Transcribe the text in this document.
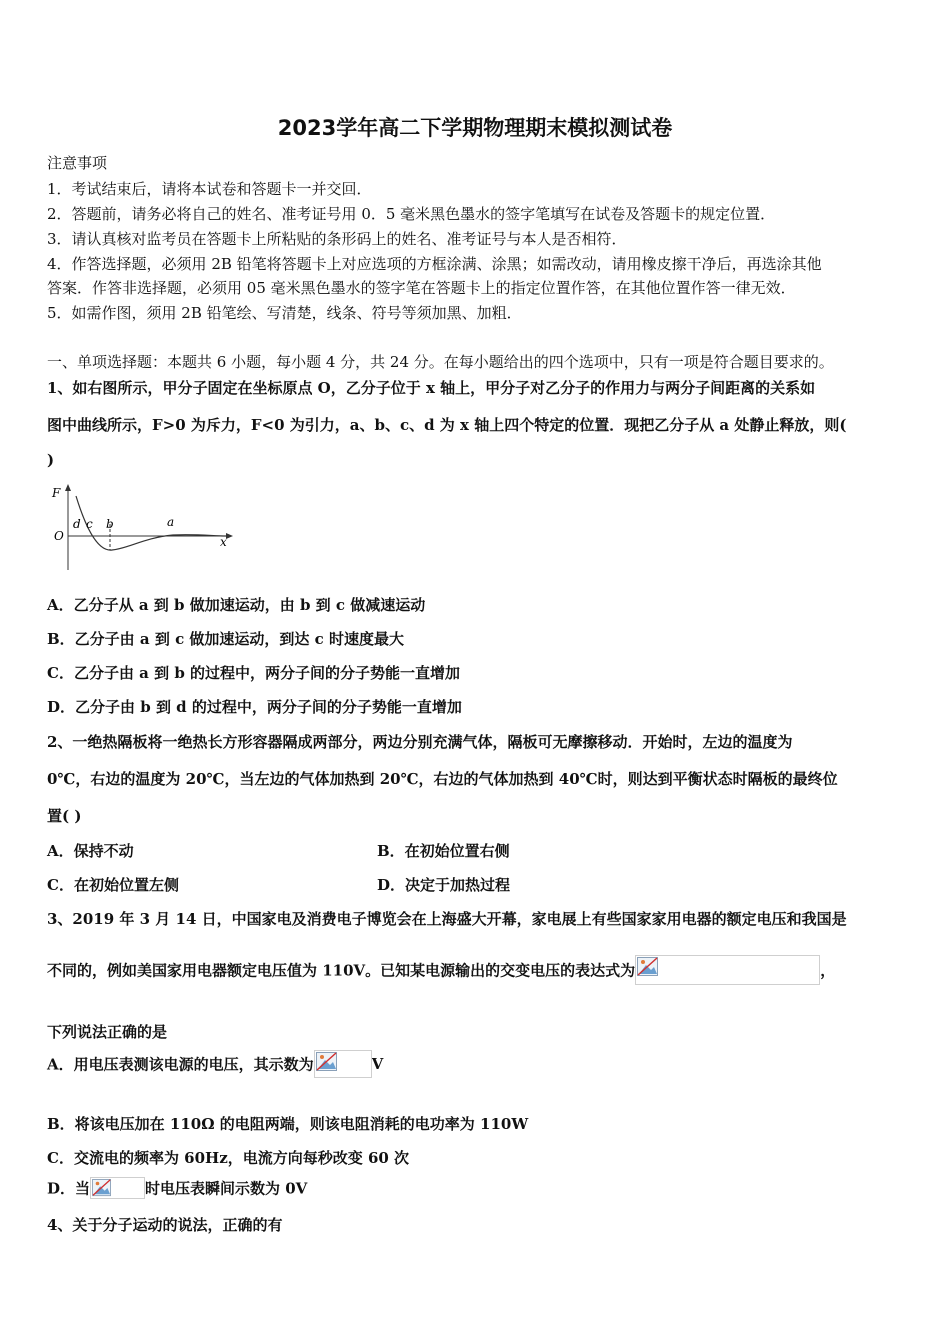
2023学年高二下学期物理期末模拟测试卷
注意事项
1．考试结束后，请将本试卷和答题卡一并交回．
2．答题前，请务必将自己的姓名、准考证号用 0．5 毫米黑色墨水的签字笔填写在试卷及答题卡的规定位置．
3．请认真核对监考员在答题卡上所粘贴的条形码上的姓名、准考证号与本人是否相符．
4．作答选择题，必须用 2B 铅笔将答题卡上对应选项的方框涂满、涂黑；如需改动，请用橡皮擦干净后，再选涂其他
答案．作答非选择题，必须用 05 毫米黑色墨水的签字笔在答题卡上的指定位置作答，在其他位置作答一律无效．
5．如需作图，须用 2B 铅笔绘、写清楚，线条、符号等须加黑、加粗．
一、单项选择题：本题共 6 小题，每小题 4 分，共 24 分。在每小题给出的四个选项中，只有一项是符合题目要求的。
1、如右图所示，甲分子固定在坐标原点 O，乙分子位于 x 轴上，甲分子对乙分子的作用力与两分子间距离的关系如
图中曲线所示，F>0 为斥力，F<0 为引力，a、b、c、d 为 x 轴上四个特定的位置．现把乙分子从 a 处静止释放，则(
)
F
O	x
d c b	a
A．乙分子从 a 到 b 做加速运动，由 b 到 c 做减速运动
B．乙分子由 a 到 c 做加速运动，到达 c 时速度最大
C．乙分子由 a 到 b 的过程中，两分子间的分子势能一直增加
D．乙分子由 b 到 d 的过程中，两分子间的分子势能一直增加
2、一绝热隔板将一绝热长方形容器隔成两部分，两边分别充满气体，隔板可无摩擦移动．开始时，左边的温度为
0℃，右边的温度为 20℃，当左边的气体加热到 20℃，右边的气体加热到 40℃时，则达到平衡状态时隔板的最终位
置( )
A．保持不动	B．在初始位置右侧
C．在初始位置左侧	D．决定于加热过程
3、2019 年 3 月 14 日，中国家电及消费电子博览会在上海盛大开幕，家电展上有些国家家用电器的额定电压和我国是
不同的，例如美国家用电器额定电压值为 110V。已知某电源输出的交变电压的表达式为	，
下列说法正确的是
A．用电压表测该电源的电压，其示数为	V
B．将该电压加在 110Ω 的电阻两端，则该电阻消耗的电功率为 110W
C．交流电的频率为 60Hz，电流方向每秒改变 60 次
D．当	时电压表瞬间示数为 0V
4、关于分子运动的说法，正确的有
